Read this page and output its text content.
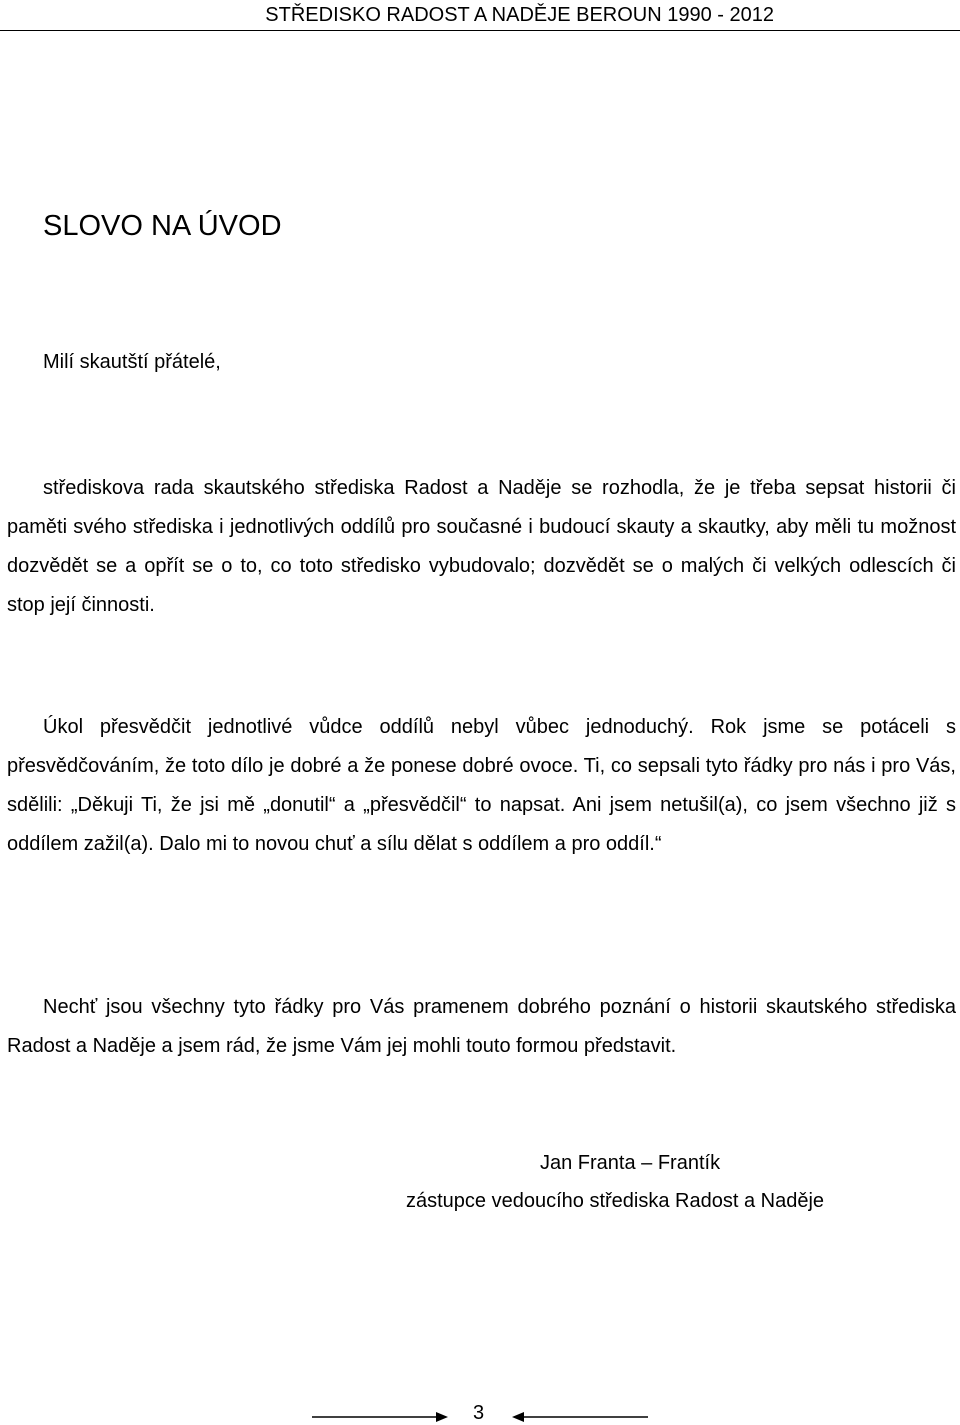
STŘEDISKO RADOST A NADĚJE BEROUN 1990 - 2012
SLOVO NA ÚVOD
Milí skautští přátelé,

střediskova rada skautského střediska Radost a Naděje se rozhodla, že je třeba sepsat historii či paměti svého střediska i jednotlivých oddílů pro současné i budoucí skauty a skautky, aby měli tu možnost dozvědět se a opřít se o to, co toto středisko vybudovalo; dozvědět se o malých či velkých odlescích či stop její činnosti.

Úkol přesvědčit jednotlivé vůdce oddílů nebyl vůbec jednoduchý. Rok jsme se potáceli s přesvědčováním, že toto dílo je dobré a že ponese dobré ovoce. Ti, co sepsali tyto řádky pro nás i pro Vás, sdělili: „Děkuji Ti, že jsi mě „donutil“ a „přesvědčil“ to napsat. Ani jsem netušil(a), co jsem všechno již s oddílem zažil(a). Dalo mi to novou chuť a sílu dělat s oddílem a pro oddíl.“

Nechť jsou všechny tyto řádky pro Vás pramenem dobrého poznání o historii skautského střediska Radost a Naděje a jsem rád, že jsme Vám jej mohli touto formou představit.

Jan Franta – Frantík
zástupce vedoucího střediska Radost a Naděje
3
